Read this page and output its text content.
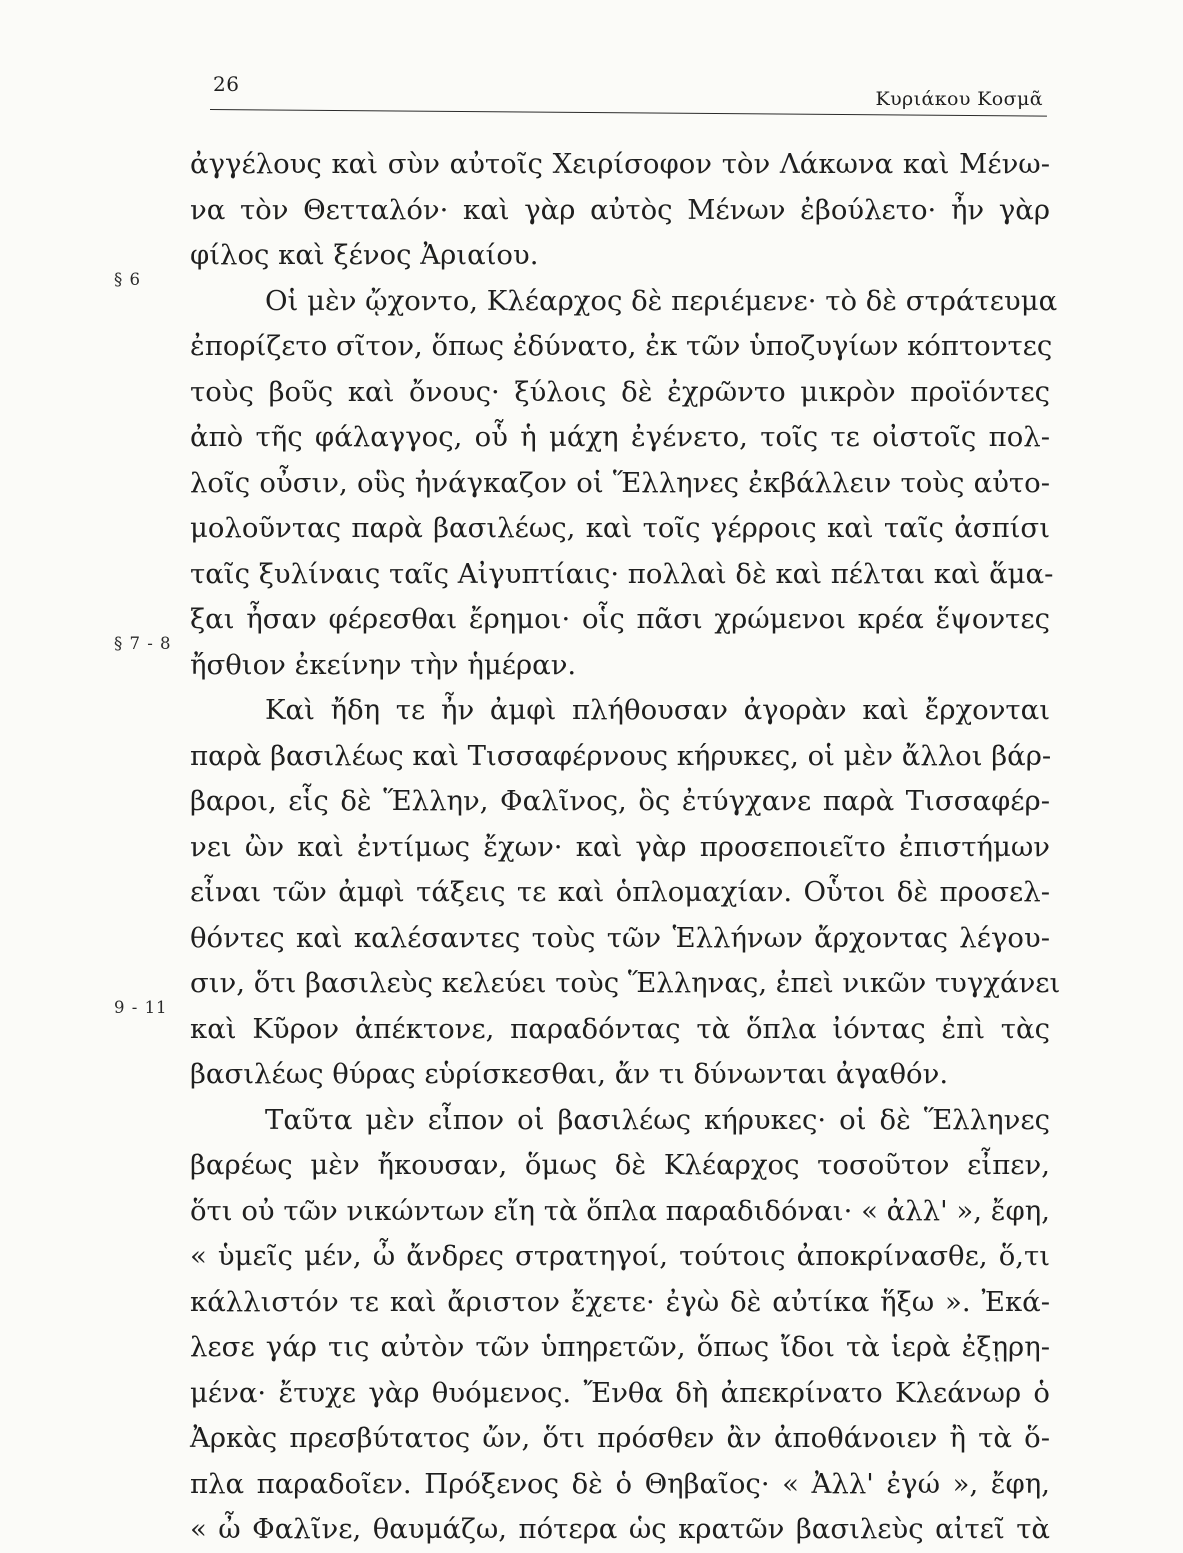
26
Κυριάκου Κοσμᾶ
§ 6
§ 7 - 8
9 - 11
ἀγγέλους καὶ σὺν αὐτοῖς Χειρίσοφον τὸν Λάκωνα καὶ Μένω-
να τὸν Θετταλόν· καὶ γὰρ αὐτὸς Μένων ἐβούλετο· ἦν γὰρ
φίλος καὶ ξένος Ἀριαίου.
Οἱ μὲν ᾤχοντο, Κλέαρχος δὲ περιέμενε· τὸ δὲ στράτευμα
ἐπορίζετο σῖτον, ὅπως ἐδύνατο, ἐκ τῶν ὑποζυγίων κόπτοντες
τοὺς βοῦς καὶ ὄνους· ξύλοις δὲ ἐχρῶντο μικρὸν προϊόντες
ἀπὸ τῆς φάλαγγος, οὗ ἡ μάχη ἐγένετο, τοῖς τε οἰστοῖς πολ-
λοῖς οὖσιν, οὓς ἠνάγκαζον οἱ Ἕλληνες ἐκβάλλειν τοὺς αὐτο-
μολοῦντας παρὰ βασιλέως, καὶ τοῖς γέρροις καὶ ταῖς ἀσπίσι
ταῖς ξυλίναις ταῖς Αἰγυπτίαις· πολλαὶ δὲ καὶ πέλται καὶ ἅμα-
ξαι ἦσαν φέρεσθαι ἔρημοι· οἷς πᾶσι χρώμενοι κρέα ἕψοντες
ἤσθιον ἐκείνην τὴν ἡμέραν.
Καὶ ἤδη τε ἦν ἀμφὶ πλήθουσαν ἀγορὰν καὶ ἔρχονται
παρὰ βασιλέως καὶ Τισσαφέρνους κήρυκες, οἱ μὲν ἄλλοι βάρ-
βαροι, εἷς δὲ Ἕλλην, Φαλῖνος, ὃς ἐτύγχανε παρὰ Τισσαφέρ-
νει ὢν καὶ ἐντίμως ἔχων· καὶ γὰρ προσεποιεῖτο ἐπιστήμων
εἶναι τῶν ἀμφὶ τάξεις τε καὶ ὁπλομαχίαν. Οὗτοι δὲ προσελ-
θόντες καὶ καλέσαντες τοὺς τῶν Ἑλλήνων ἄρχοντας λέγου-
σιν, ὅτι βασιλεὺς κελεύει τοὺς Ἕλληνας, ἐπεὶ νικῶν τυγχάνει
καὶ Κῦρον ἀπέκτονε, παραδόντας τὰ ὅπλα ἰόντας ἐπὶ τὰς
βασιλέως θύρας εὑρίσκεσθαι, ἄν τι δύνωνται ἀγαθόν.
Ταῦτα μὲν εἶπον οἱ βασιλέως κήρυκες· οἱ δὲ Ἕλληνες
βαρέως μὲν ἤκουσαν, ὅμως δὲ Κλέαρχος τοσοῦτον εἶπεν,
ὅτι οὐ τῶν νικώντων εἴη τὰ ὅπλα παραδιδόναι· « ἀλλ' », ἔφη,
« ὑμεῖς μέν, ὦ ἄνδρες στρατηγοί, τούτοις ἀποκρίνασθε, ὅ,τι
κάλλιστόν τε καὶ ἄριστον ἔχετε· ἐγὼ δὲ αὐτίκα ἥξω ». Ἐκά-
λεσε γάρ τις αὐτὸν τῶν ὑπηρετῶν, ὅπως ἴδοι τὰ ἱερὰ ἐξῃρη-
μένα· ἔτυχε γὰρ θυόμενος. Ἔνθα δὴ ἀπεκρίνατο Κλεάνωρ ὁ
Ἀρκὰς πρεσβύτατος ὤν, ὅτι πρόσθεν ἂν ἀποθάνοιεν ἢ τὰ ὅ-
πλα παραδοῖεν. Πρόξενος δὲ ὁ Θηβαῖος· « Ἀλλ' ἐγώ », ἔφη,
« ὦ Φαλῖνε, θαυμάζω, πότερα ὡς κρατῶν βασιλεὺς αἰτεῖ τὰ
